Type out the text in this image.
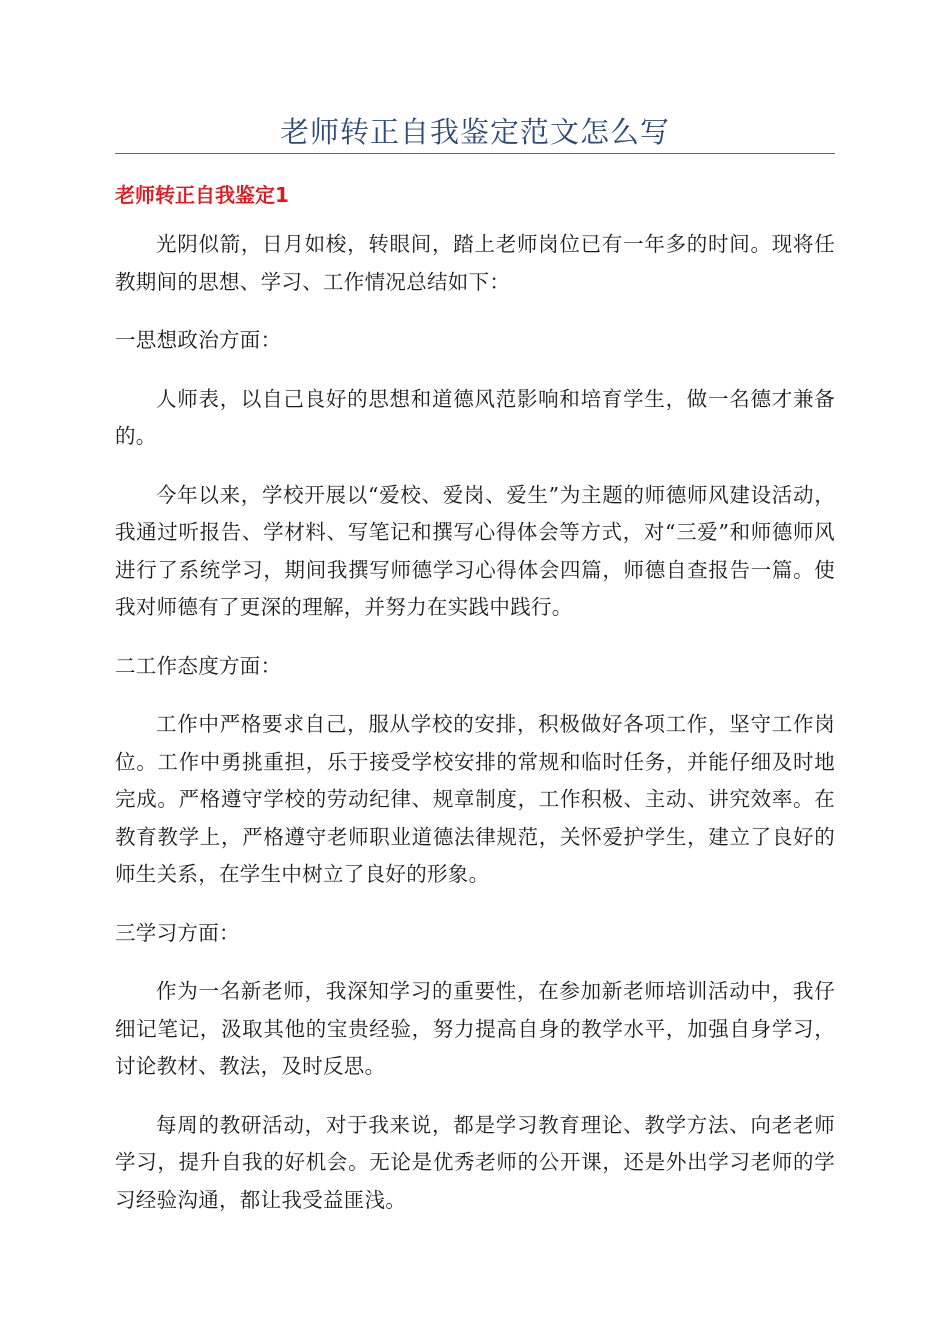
老师转正自我鉴定范文怎么写
老师转正自我鉴定1

光阴似箭，日月如梭，转眼间，踏上老师岗位已有一年多的时间。现将任教期间的思想、学习、工作情况总结如下：

一思想政治方面：

人师表，以自己良好的思想和道德风范影响和培育学生，做一名德才兼备的。

今年以来，学校开展以“爱校、爱岗、爱生”为主题的师德师风建设活动，我通过听报告、学材料、写笔记和撰写心得体会等方式，对“三爱”和师德师风进行了系统学习，期间我撰写师德学习心得体会四篇，师德自查报告一篇。使我对师德有了更深的理解，并努力在实践中践行。

二工作态度方面：

工作中严格要求自己，服从学校的安排，积极做好各项工作，坚守工作岗位。工作中勇挑重担，乐于接受学校安排的常规和临时任务，并能仔细及时地完成。严格遵守学校的劳动纪律、规章制度，工作积极、主动、讲究效率。在教育教学上，严格遵守老师职业道德法律规范，关怀爱护学生，建立了良好的师生关系，在学生中树立了良好的形象。

三学习方面：

作为一名新老师，我深知学习的重要性，在参加新老师培训活动中，我仔细记笔记，汲取其他的宝贵经验，努力提高自身的教学水平，加强自身学习，讨论教材、教法，及时反思。

每周的教研活动，对于我来说，都是学习教育理论、教学方法、向老老师学习，提升自我的好机会。无论是优秀老师的公开课，还是外出学习老师的学习经验沟通，都让我受益匪浅。
